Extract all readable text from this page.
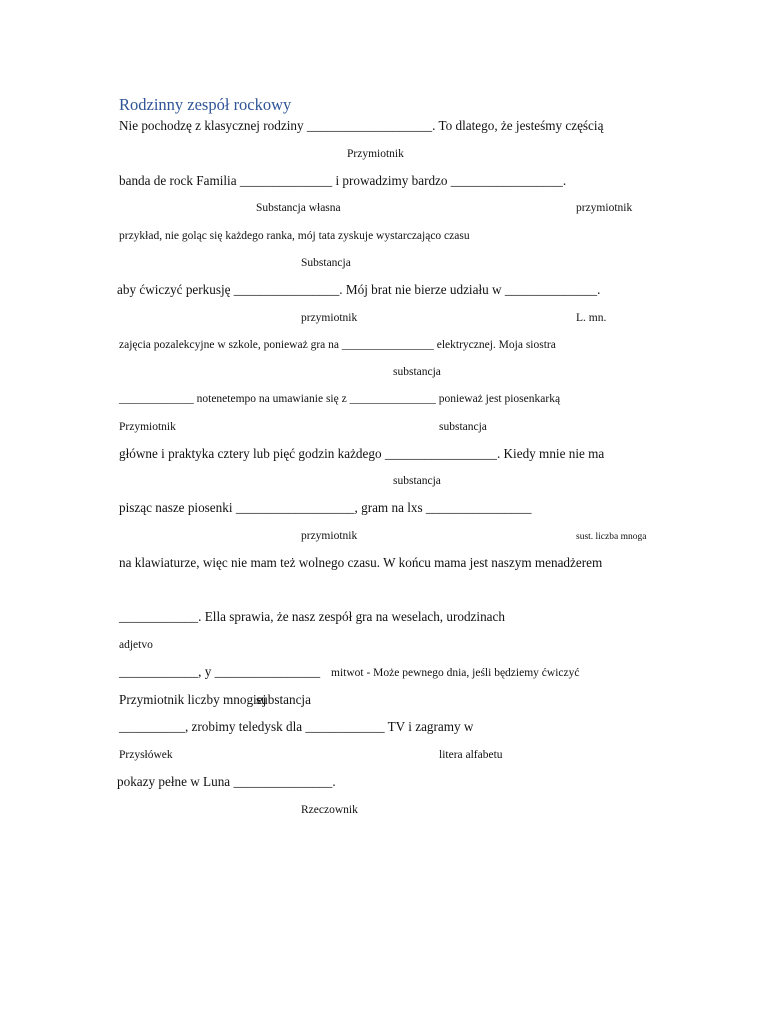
Rodzinny zespół rockowy
Nie pochodzę z klasycznej rodziny ___________________. To dlatego, że jesteśmy częścią
Przymiotnik
banda de rock Familia ______________ i prowadzimy bardzo _________________.
Substancja własna	przymiotnik
przykład, nie goląc się każdego ranka, mój tata zyskuje wystarczająco czasu
Substancja
aby ćwiczyć perkusję ________________. Mój brat nie bierze udziału w ______________.
przymiotnik	L. mn.
zajęcia pozalekcyjne w szkole, ponieważ gra na ________________ elektrycznej. Moja siostra
substancja
_____________ notenetempo na umawianie się z _______________ ponieważ jest piosenkarką
Przymiotnik	substancja
główne i praktyka cztery lub pięć godzin każdego _________________. Kiedy mnie nie ma
substancja
pisząc nasze piosenki __________________, gram na lxs ________________
przymiotnik	sust. liczba mnoga
na klawiaturze, więc nie mam też wolnego czasu. W końcu mama jest naszym menadżerem
____________. Ella sprawia, że nasz zespół gra na weselach, urodzinach
adjetvo
____________, y ________________ mitwot - Może pewnego dnia, jeśli będziemy ćwiczyć
Przymiotnik liczby mnogiej
substancja
__________, zrobimy teledysk dla ____________ TV i zagramy w
Przysłówek	litera alfabetu
pokazy pełne w Luna _______________.
Rzeczownik
